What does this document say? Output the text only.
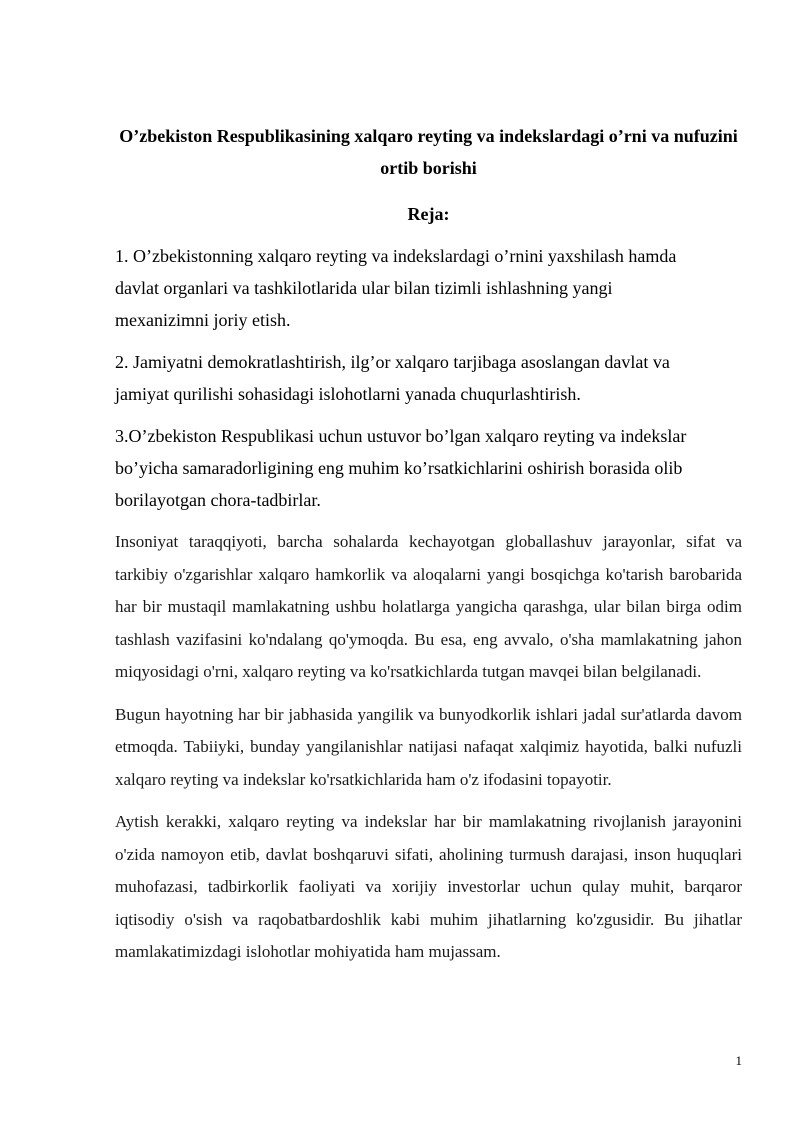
O’zbekiston Respublikasining xalqaro reyting va indekslardagi o’rni va nufuzini ortib borishi
Reja:

1. O’zbekistonning xalqaro reyting va indekslardagi o’rnini yaxshilash hamda davlat organlari va tashkilotlarida ular bilan tizimli ishlashning yangi mexanizimni joriy etish.

2. Jamiyatni demokratlashtirish, ilg’or xalqaro tarjibaga asoslangan davlat va jamiyat qurilishi sohasidagi islohotlarni yanada chuqurlashtirish.

3.O’zbekiston Respublikasi uchun ustuvor bo’lgan xalqaro reyting va indekslar bo’yicha samaradorligining eng muhim ko’rsatkichlarini oshirish borasida olib borilayotgan chora-tadbirlar.

Insoniyat taraqqiyoti, barcha sohalarda kechayotgan globallashuv jarayonlar, sifat va tarkibiy o'zgarishlar xalqaro hamkorlik va aloqalarni yangi bosqichga ko'tarish barobarida har bir mustaqil mamlakatning ushbu holatlarga yangicha qarashga, ular bilan birga odim tashlash vazifasini ko'ndalang qo'ymoqda. Bu esa, eng avvalo, o'sha mamlakatning jahon miqyosidagi o'rni, xalqaro reyting va ko'rsatkichlarda tutgan mavqei bilan belgilanadi.

Bugun hayotning har bir jabhasida yangilik va bunyodkorlik ishlari jadal sur'atlarda davom etmoqda. Tabiiyki, bunday yangilanishlar natijasi nafaqat xalqimiz hayotida, balki nufuzli xalqaro reyting va indekslar ko'rsatkichlarida ham o'z ifodasini topayotir.

Aytish kerakki, xalqaro reyting va indekslar har bir mamlakatning rivojlanish jarayonini o'zida namoyon etib, davlat boshqaruvi sifati, aholining turmush darajasi, inson huquqlari muhofazasi, tadbirkorlik faoliyati va xorijiy investorlar uchun qulay muhit, barqaror iqtisodiy o'sish va raqobatbardoshlik kabi muhim jihatlarning ko'zgusidir. Bu jihatlar mamlakatimizdagi islohotlar mohiyatida ham mujassam.

1
